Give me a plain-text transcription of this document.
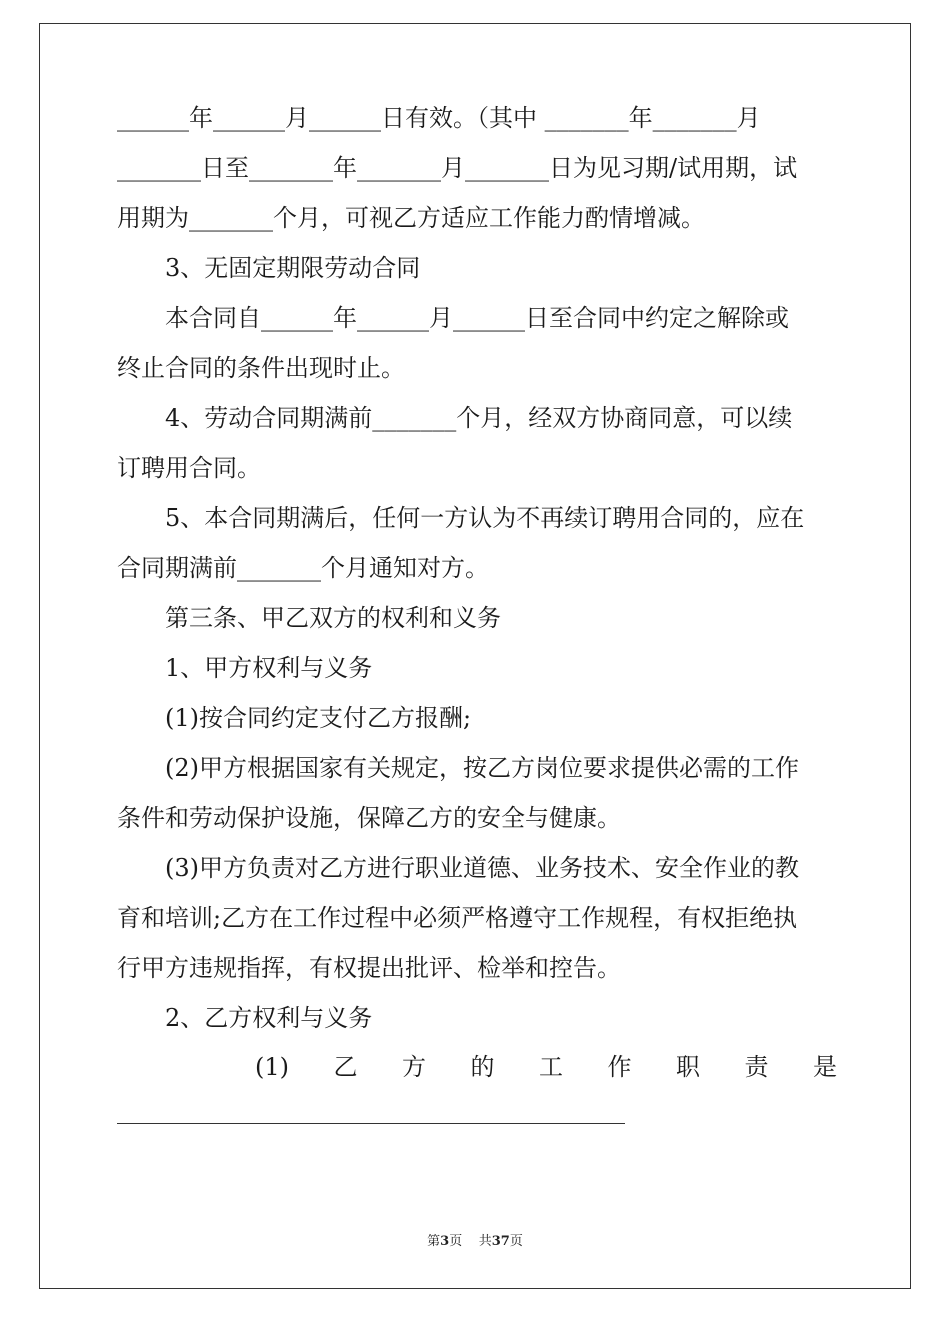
______年______月______日有效。（其中 _______年_______月
_______日至_______年_______月_______日为见习期/试用期，试
用期为_______个月，可视乙方适应工作能力酌情增减。
3、无固定期限劳动合同
本合同自______年______月______日至合同中约定之解除或
终止合同的条件出现时止。
4、劳动合同期满前_______个月，经双方协商同意，可以续
订聘用合同。
5、本合同期满后，任何一方认为不再续订聘用合同的，应在
合同期满前_______个月通知对方。
第三条、甲乙双方的权利和义务
1、甲方权利与义务
(1)按合同约定支付乙方报酬;
(2)甲方根据国家有关规定，按乙方岗位要求提供必需的工作
条件和劳动保护设施，保障乙方的安全与健康。
(3)甲方负责对乙方进行职业道德、业务技术、安全作业的教
育和培训;乙方在工作过程中必须严格遵守工作规程，有权拒绝执
行甲方违规指挥，有权提出批评、检举和控告。
2、乙方权利与义务
(1) 乙 方 的 工 作 职 责 是
第3页 共37页
